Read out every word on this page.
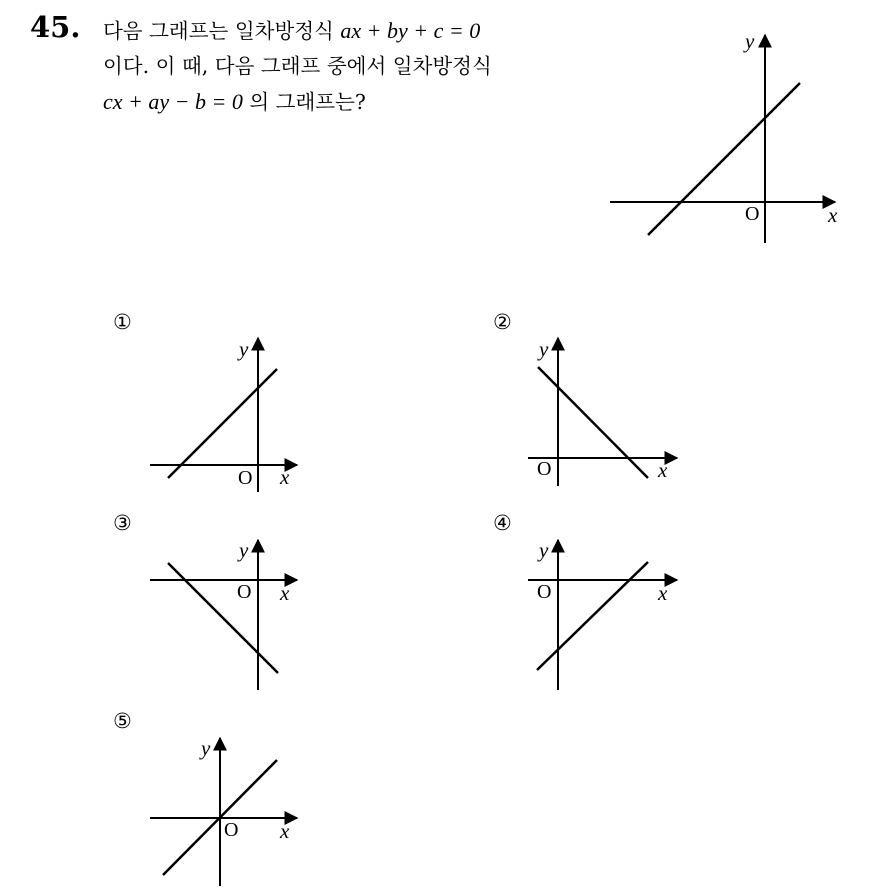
45. 다음 그래프는 일차방정식 ax + by + c = 0
이다. 이 때, 다음 그래프 중에서 일차방정식
cx + ay − b = 0 의 그래프는?
①	②
③	④
⑤
y
x
O
y
x
O
y
x
O
y
x
O
y
x
O
y
x
O
